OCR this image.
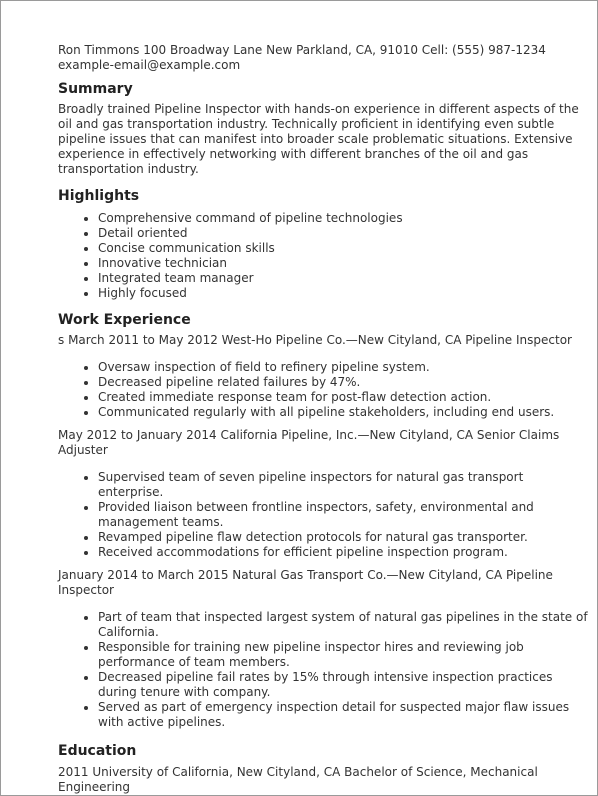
Ron Timmons 100 Broadway Lane New Parkland, CA, 91010 Cell: (555) 987-1234 example-email@example.com

Summary

Broadly trained Pipeline Inspector with hands-on experience in different aspects of the oil and gas transportation industry. Technically proficient in identifying even subtle pipeline issues that can manifest into broader scale problematic situations. Extensive experience in effectively networking with different branches of the oil and gas transportation industry.

Highlights
• Comprehensive command of pipeline technologies
• Detail oriented
• Concise communication skills
• Innovative technician
• Integrated team manager
• Highly focused
Work Experience

s March 2011 to May 2012 West-Ho Pipeline Co.—New Cityland, CA Pipeline Inspector

• Oversaw inspection of field to refinery pipeline system.
• Decreased pipeline related failures by 47%.
• Created immediate response team for post-flaw detection action.
• Communicated regularly with all pipeline stakeholders, including end users.

May 2012 to January 2014 California Pipeline, Inc.—New Cityland, CA Senior Claims Adjuster

• Supervised team of seven pipeline inspectors for natural gas transport enterprise.
• Provided liaison between frontline inspectors, safety, environmental and management teams.
• Revamped pipeline flaw detection protocols for natural gas transporter.
• Received accommodations for efficient pipeline inspection program.

January 2014 to March 2015 Natural Gas Transport Co.—New Cityland, CA Pipeline Inspector

• Part of team that inspected largest system of natural gas pipelines in the state of California.
• Responsible for training new pipeline inspector hires and reviewing job performance of team members.
• Decreased pipeline fail rates by 15% through intensive inspection practices during tenure with company.
• Served as part of emergency inspection detail for suspected major flaw issues with active pipelines.
Education

2011 University of California, New Cityland, CA Bachelor of Science, Mechanical Engineering
